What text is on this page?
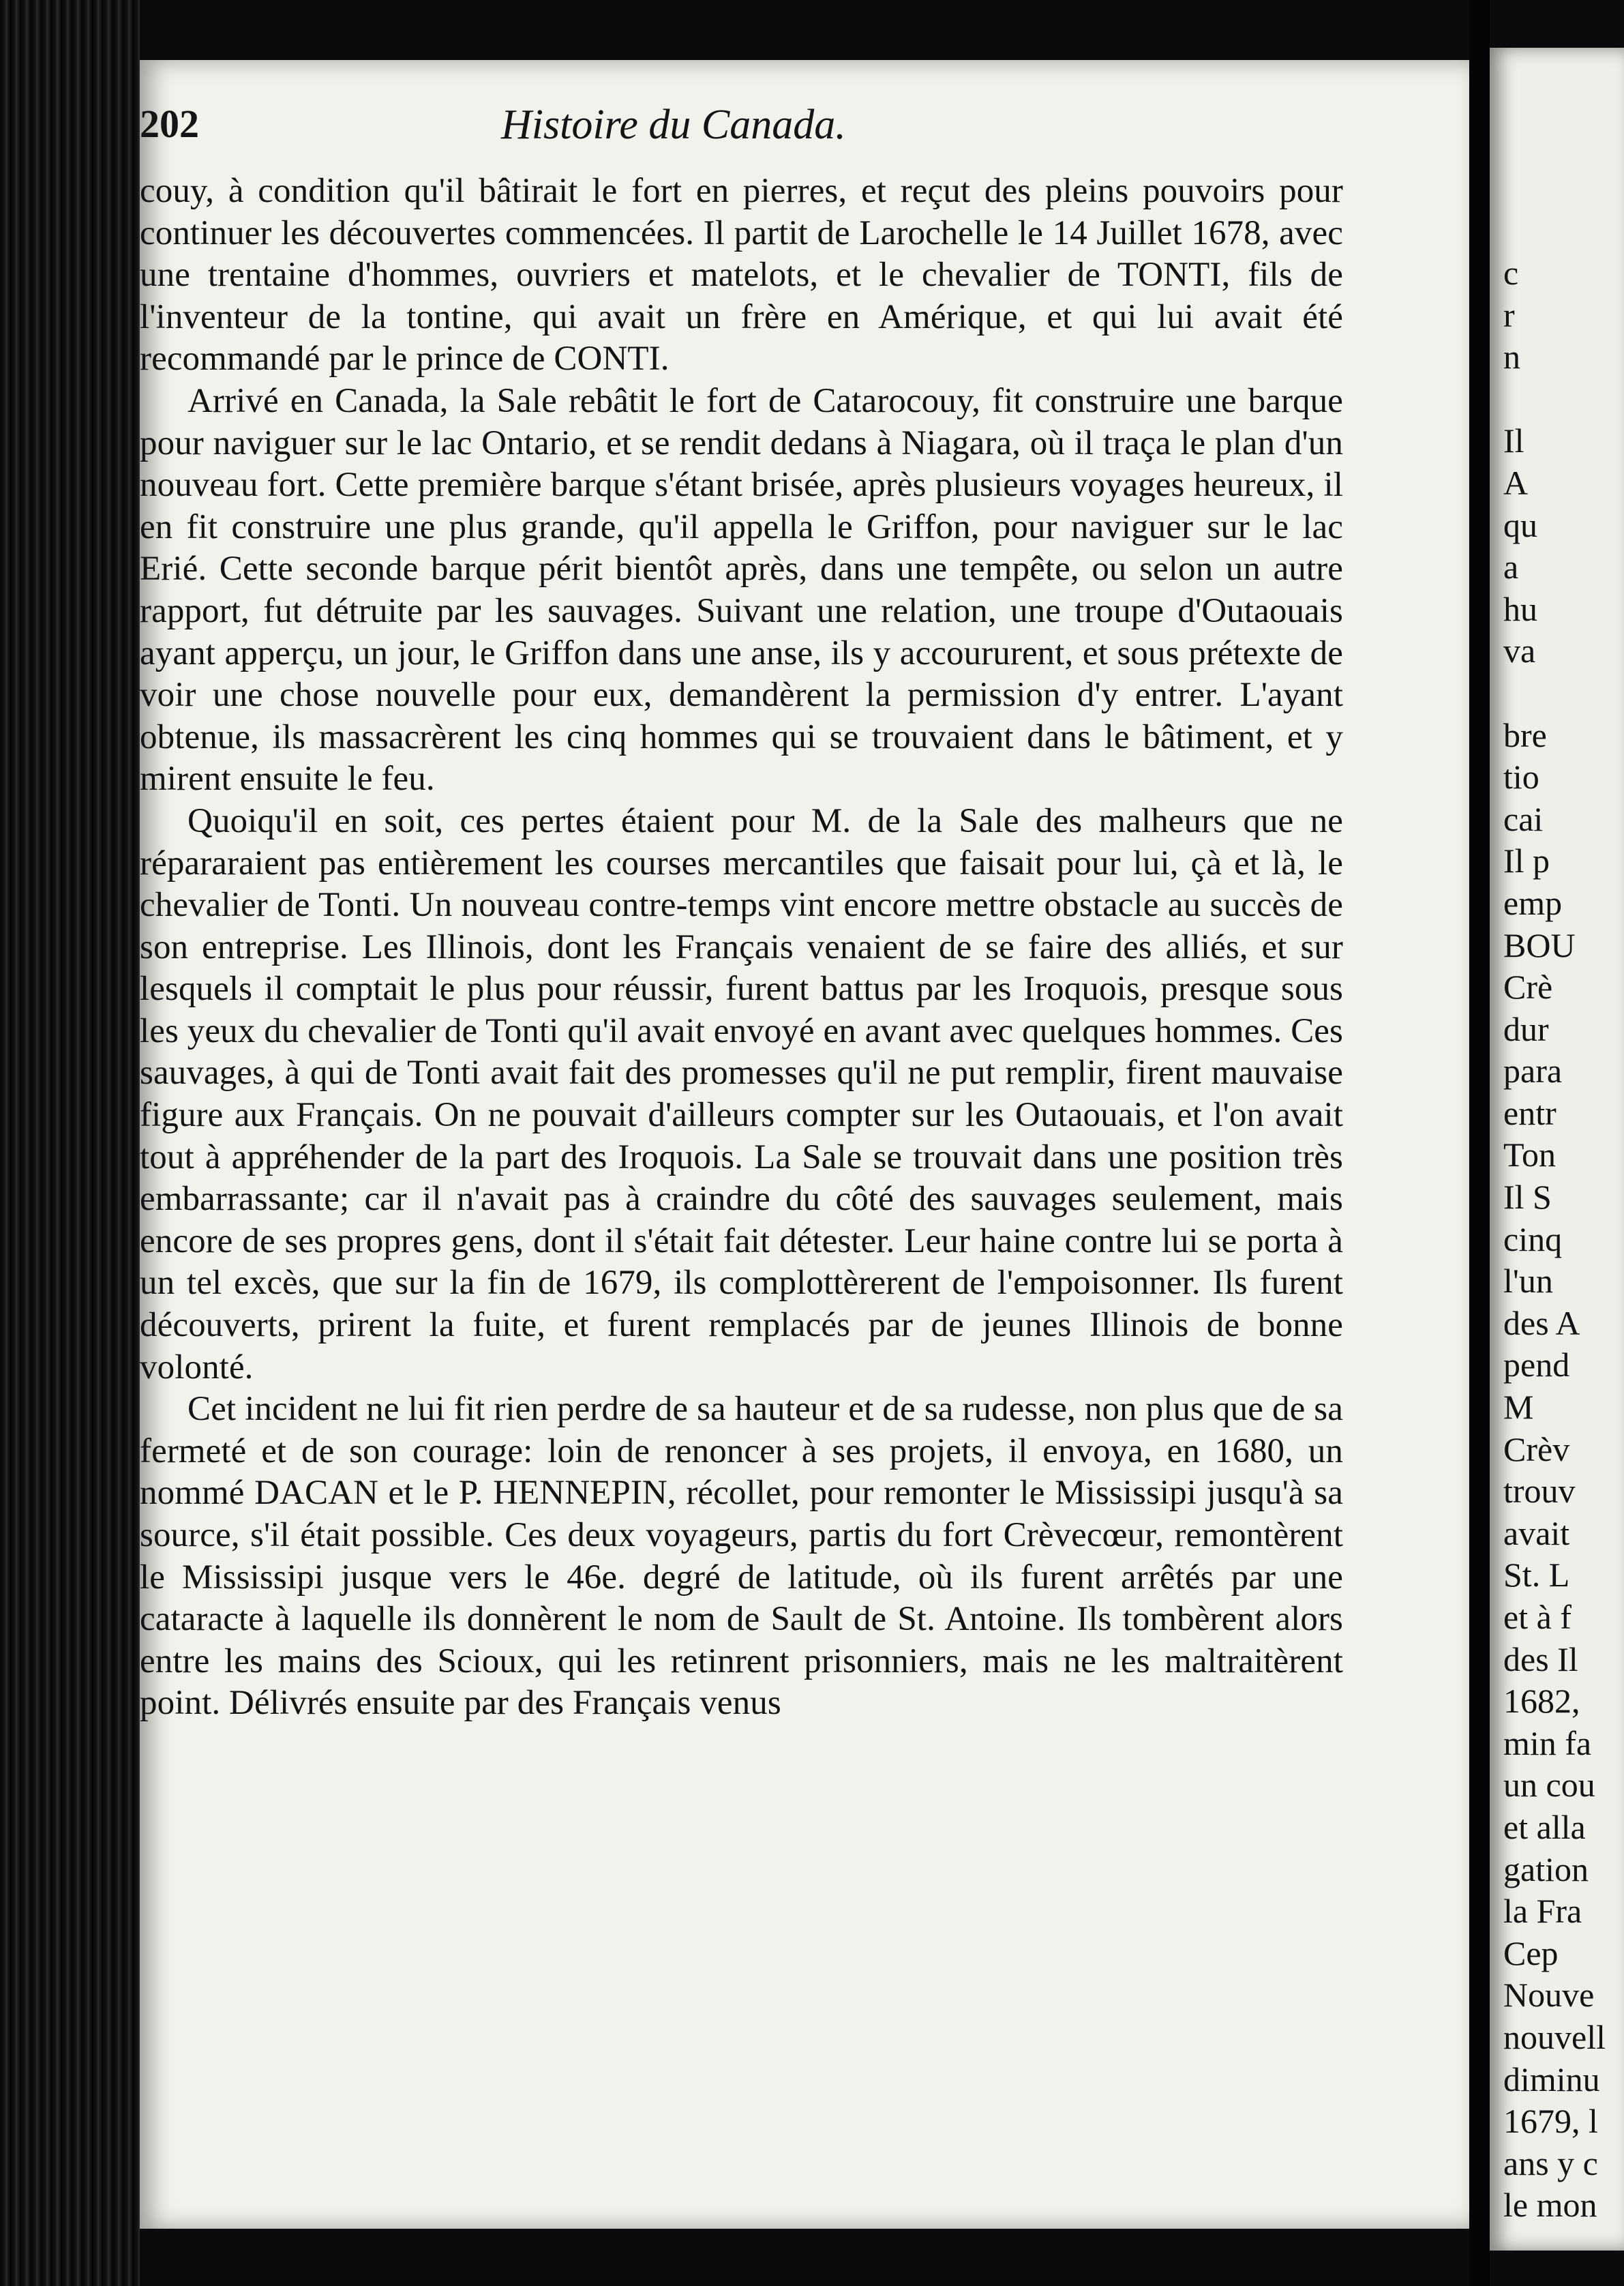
c
r
n

Il
A
qu
a
hu
va

bre
tio
cai
Il p
emp
BOU
Crè
dur
para
entr
Ton
Il S
cinq
l'un
des A
pend
M
Crèv
trouv
avait
St. L
et à f
des Il
1682,
min fa
un cou
et alla
gation
la Fra
Cep
Nouve
nouvell
diminu
1679, l
ans y c
le mon
202	Histoire du Canada.

couy, à condition qu'il bâtirait le fort en pierres, et reçut des pleins pouvoirs pour continuer les découvertes commencées. Il partit de Larochelle le 14 Juillet 1678, avec une trentaine d'hommes, ouvriers et matelots, et le chevalier de TONTI, fils de l'inventeur de la tontine, qui avait un frère en Amérique, et qui lui avait été recommandé par le prince de CONTI.

Arrivé en Canada, la Sale rebâtit le fort de Catarocouy, fit construire une barque pour naviguer sur le lac Ontario, et se rendit dedans à Niagara, où il traça le plan d'un nouveau fort. Cette première barque s'étant brisée, après plusieurs voyages heureux, il en fit construire une plus grande, qu'il appella le Griffon, pour naviguer sur le lac Erié. Cette seconde barque périt bientôt après, dans une tempête, ou selon un autre rapport, fut détruite par les sauvages. Suivant une relation, une troupe d'Outaouais ayant apperçu, un jour, le Griffon dans une anse, ils y accoururent, et sous prétexte de voir une chose nouvelle pour eux, demandèrent la permission d'y entrer. L'ayant obtenue, ils massacrèrent les cinq hommes qui se trouvaient dans le bâtiment, et y mirent ensuite le feu.

Quoiqu'il en soit, ces pertes étaient pour M. de la Sale des malheurs que ne répararaient pas entièrement les courses mercantiles que faisait pour lui, çà et là, le chevalier de Tonti. Un nouveau contre-temps vint encore mettre obstacle au succès de son entreprise. Les Illinois, dont les Français venaient de se faire des alliés, et sur lesquels il comptait le plus pour réussir, furent battus par les Iroquois, presque sous les yeux du chevalier de Tonti qu'il avait envoyé en avant avec quelques hommes. Ces sauvages, à qui de Tonti avait fait des promesses qu'il ne put remplir, firent mauvaise figure aux Français. On ne pouvait d'ailleurs compter sur les Outaouais, et l'on avait tout à appréhender de la part des Iroquois. La Sale se trouvait dans une position très embarrassante; car il n'avait pas à craindre du côté des sauvages seulement, mais encore de ses propres gens, dont il s'était fait détester. Leur haine contre lui se porta à un tel excès, que sur la fin de 1679, ils complottèrerent de l'empoisonner. Ils furent découverts, prirent la fuite, et furent remplacés par de jeunes Illinois de bonne volonté.

Cet incident ne lui fit rien perdre de sa hauteur et de sa rudesse, non plus que de sa fermeté et de son courage: loin de renoncer à ses projets, il envoya, en 1680, un nommé DACAN et le P. HENNEPIN, récollet, pour remonter le Mississipi jusqu'à sa source, s'il était possible. Ces deux voyageurs, partis du fort Crèvecœur, remontèrent le Mississipi jusque vers le 46e. degré de latitude, où ils furent arrêtés par une cataracte à laquelle ils donnèrent le nom de Sault de St. Antoine. Ils tombèrent alors entre les mains des Scioux, qui les retinrent prisonniers, mais ne les maltraitèrent point. Délivrés ensuite par des Français venus
